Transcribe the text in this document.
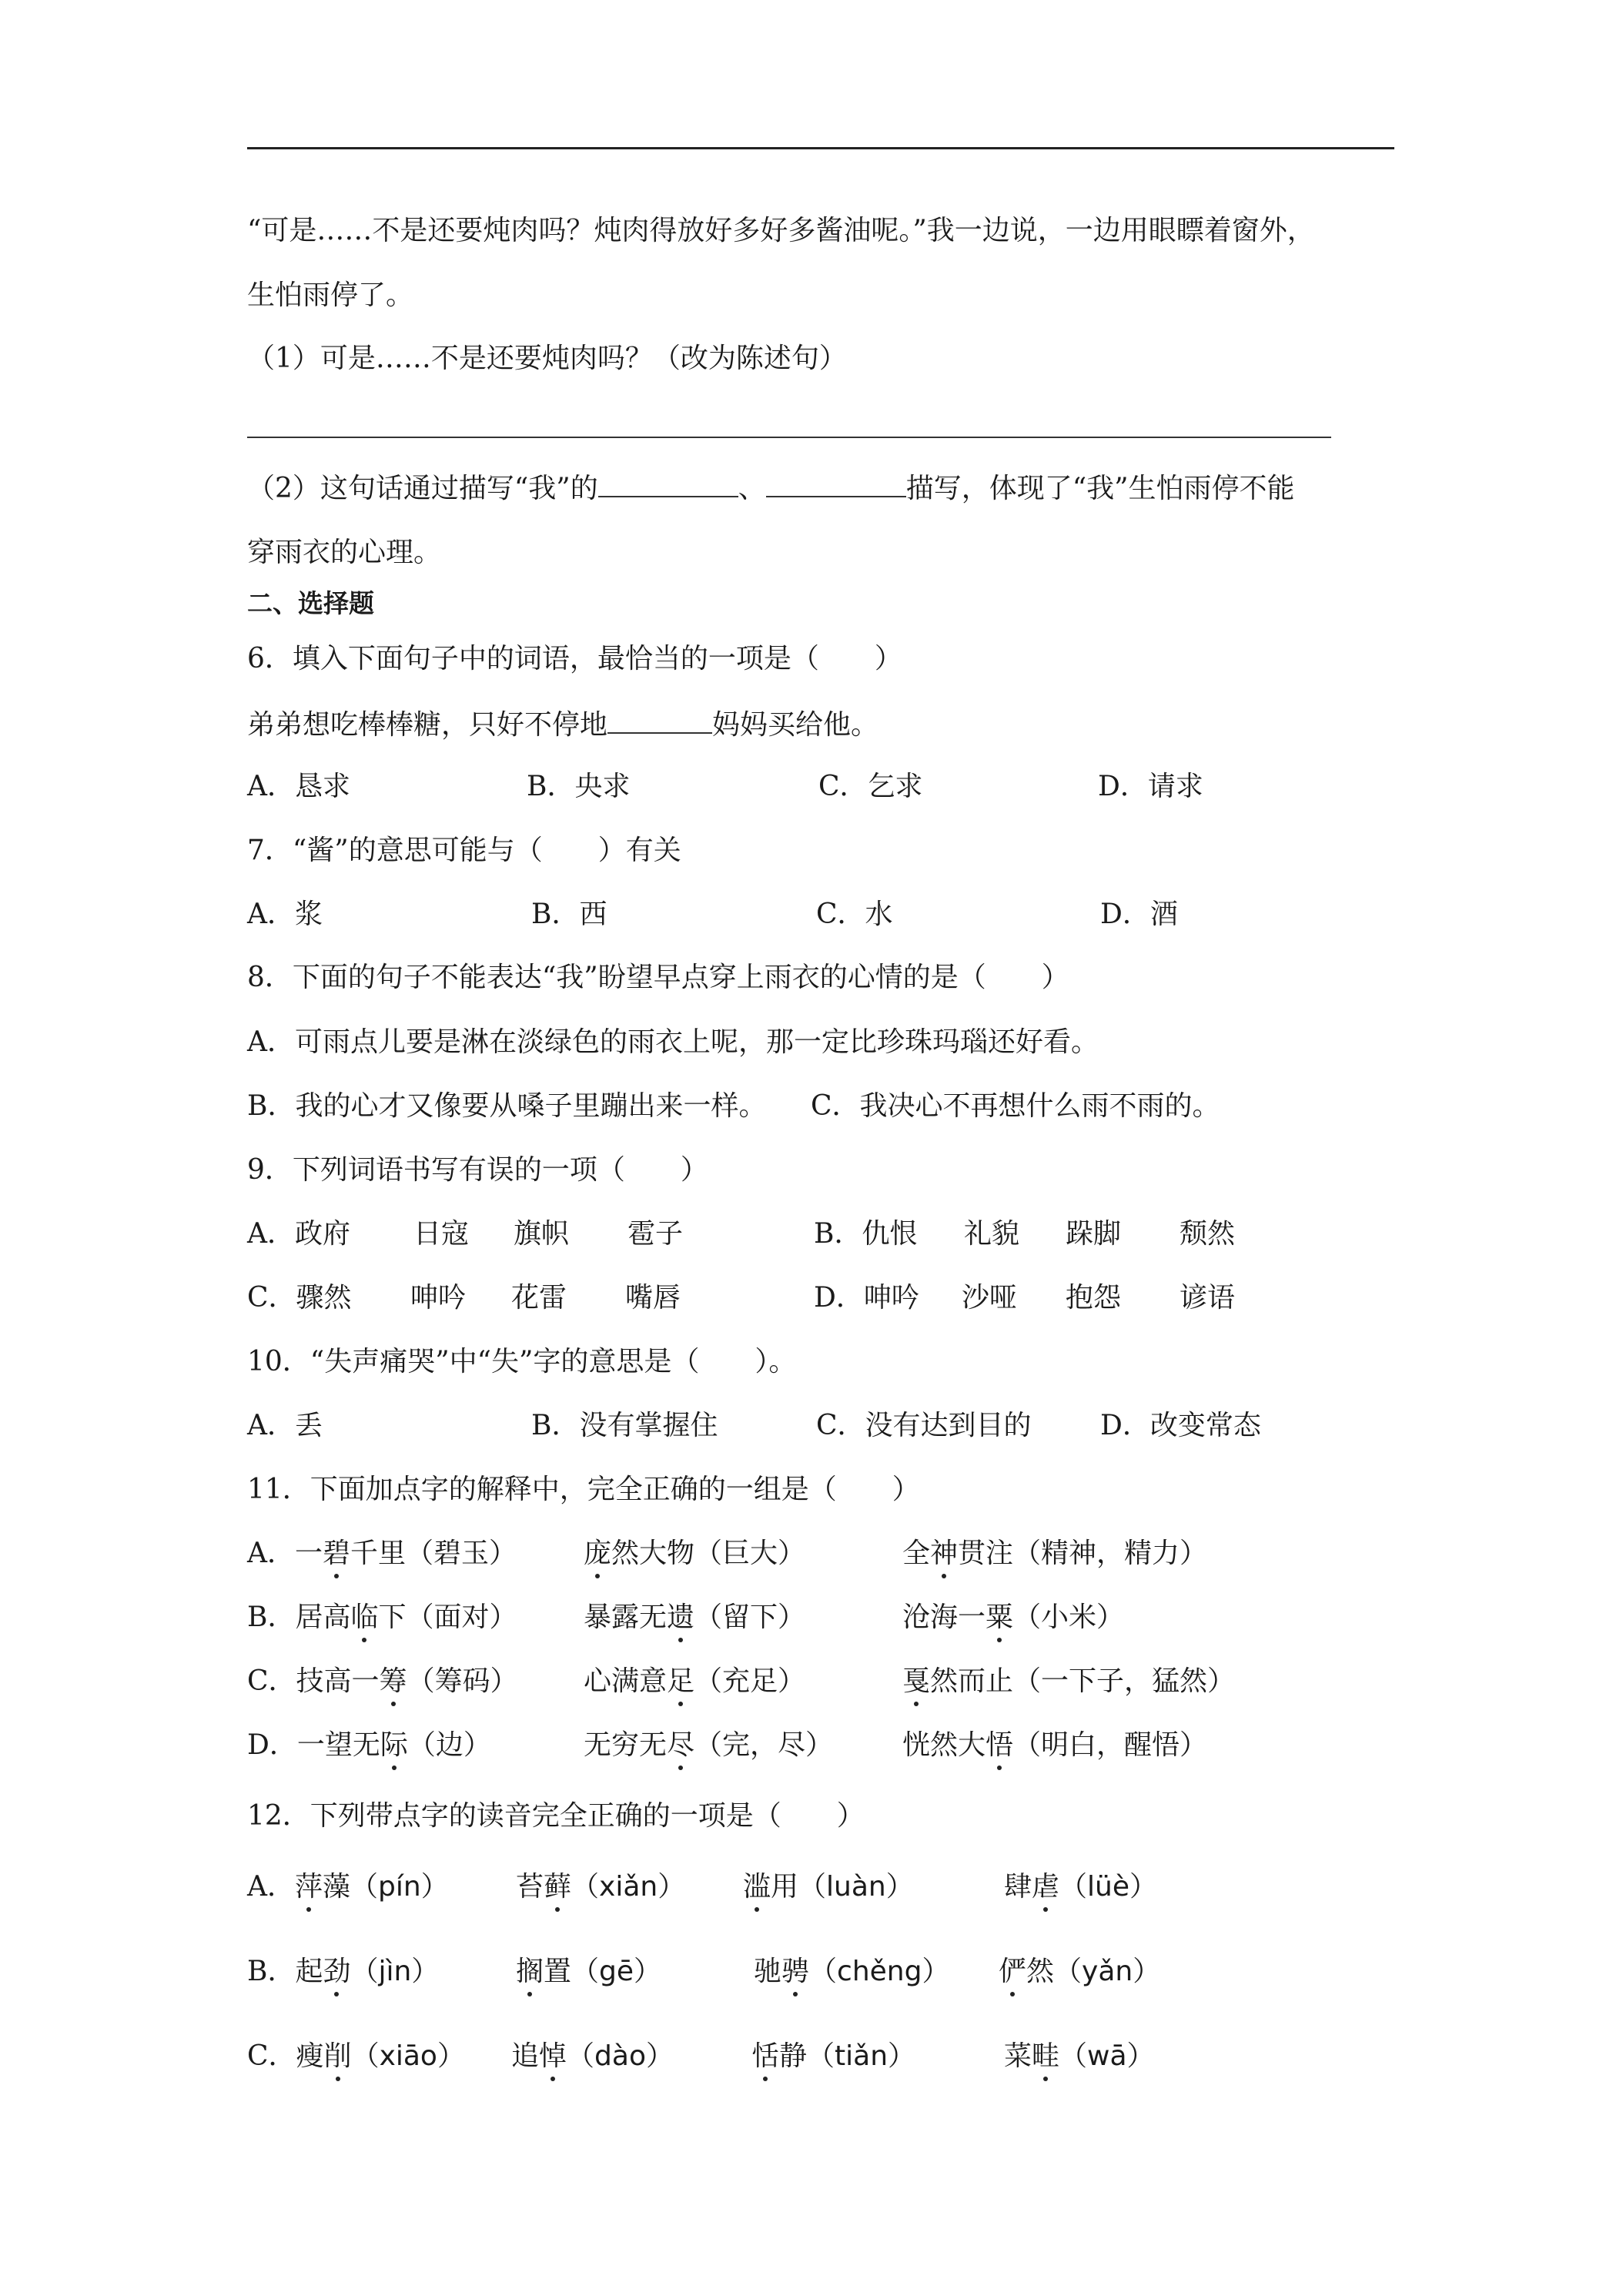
“可是……不是还要炖肉吗？炖肉得放好多好多酱油呢。”我一边说，一边用眼瞟着窗外，
生怕雨停了。
（1）可是……不是还要炖肉吗？（改为陈述句）
（2）这句话通过描写“我”的	、	描写，体现了“我”生怕雨停不能
穿雨衣的心理。
二、选择题
6．填入下面句子中的词语，最恰当的一项是（　　）
弟弟想吃棒棒糖，只好不停地	妈妈买给他。
A．恳求	B．央求	C．乞求	D．请求
7．“酱”的意思可能与（　　）有关
A．浆	B．西	C．水	D．酒
8．下面的句子不能表达“我”盼望早点穿上雨衣的心情的是（　　）
A．可雨点儿要是淋在淡绿色的雨衣上呢，那一定比珍珠玛瑙还好看。
B．我的心才又像要从嗓子里蹦出来一样。 C．我决心不再想什么雨不雨的。
9．下列词语书写有误的一项（　　）
A．政府 日寇 旗帜 雹子	B．仇恨 礼貌 跺脚 颓然
C．骤然 呻吟 花雷 嘴唇	D．呻吟 沙哑 抱怨 谚语
10．“失声痛哭”中“失”字的意思是（　　）。
A．丢	B．没有掌握住	C．没有达到目的 D．改变常态
11．下面加点字的解释中，完全正确的一组是（　　）
A．一碧千里（碧玉） 庞然大物（巨大）	全神贯注（精神，精力）
B．居高临下（面对） 暴露无遗（留下）	沧海一粟（小米）
C．技高一筹（筹码） 心满意足（充足）	戛然而止（一下子，猛然）
D．一望无际（边）	无穷无尽（完，尽） 恍然大悟（明白，醒悟）
12．下列带点字的读音完全正确的一项是（　　）
A．萍藻（pín） 苔藓（xiǎn） 滥用（luàn）	肆虐（lüè）
B．起劲（jìn）	搁置（gē）	驰骋（chěng） 俨然（yǎn）
C．瘦削（xiāo） 追悼（dào）	恬静（tiǎn）	菜畦（wā）
